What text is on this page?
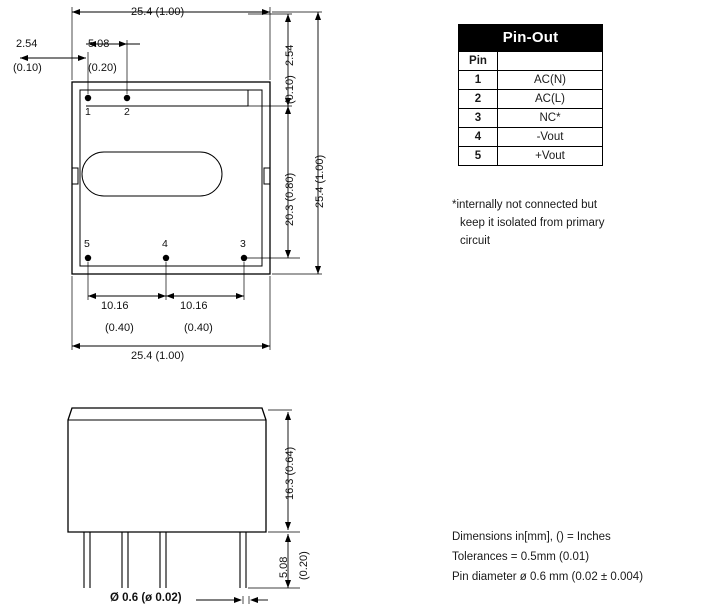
25.4 (1.00)
2.54
(0.10)
5.08
(0.20)
2.54
(0.10)
20.3 (0.80) 25.4 (1.00)
10.16
(0.40)
10.16
(0.40)
25.4 (1.00)
1	2
5	4	3
16.3 (0.64)
5.08 (0.20)
Ø 0.6 (ø 0.02)
Pin-Out	
Pin	
1	AC(N)
2	AC(L)
3	NC*
4	-Vout
5	+Vout
*internally not connected but
keep it isolated from primary
circuit
Dimensions in[mm], () = Inches
Tolerances = 0.5mm (0.01)
Pin diameter ø 0.6 mm (0.02 ± 0.004)
